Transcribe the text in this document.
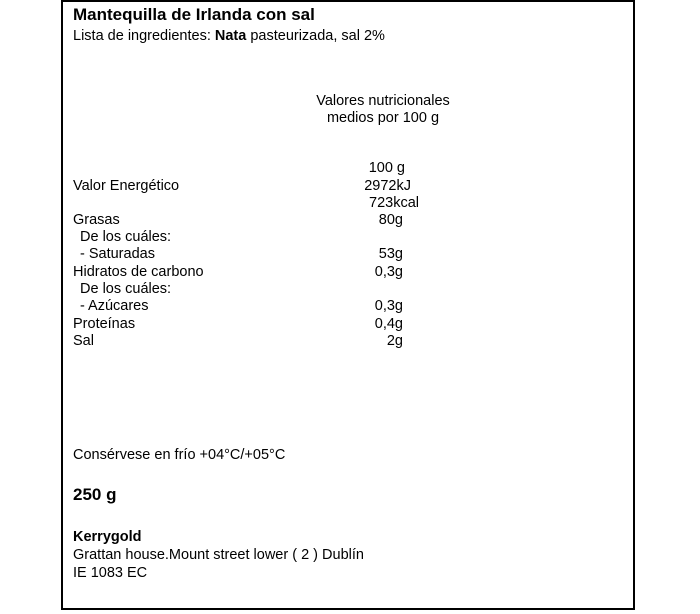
Mantequilla de Irlanda con sal
Lista de ingredientes: Nata pasteurizada, sal 2%
Valores nutricionales
medios por 100 g
100 g
Valor Energético	2972kJ
723kcal
Grasas	80g
De los cuáles:
- Saturadas	53g
Hidratos de carbono	0,3g
De los cuáles:
- Azúcares	0,3g
Proteínas	0,4g
Sal	2g
Consérvese en frío +04°C/+05°C
250 g
Kerrygold
Grattan house.Mount street lower ( 2 ) Dublín
IE 1083 EC
